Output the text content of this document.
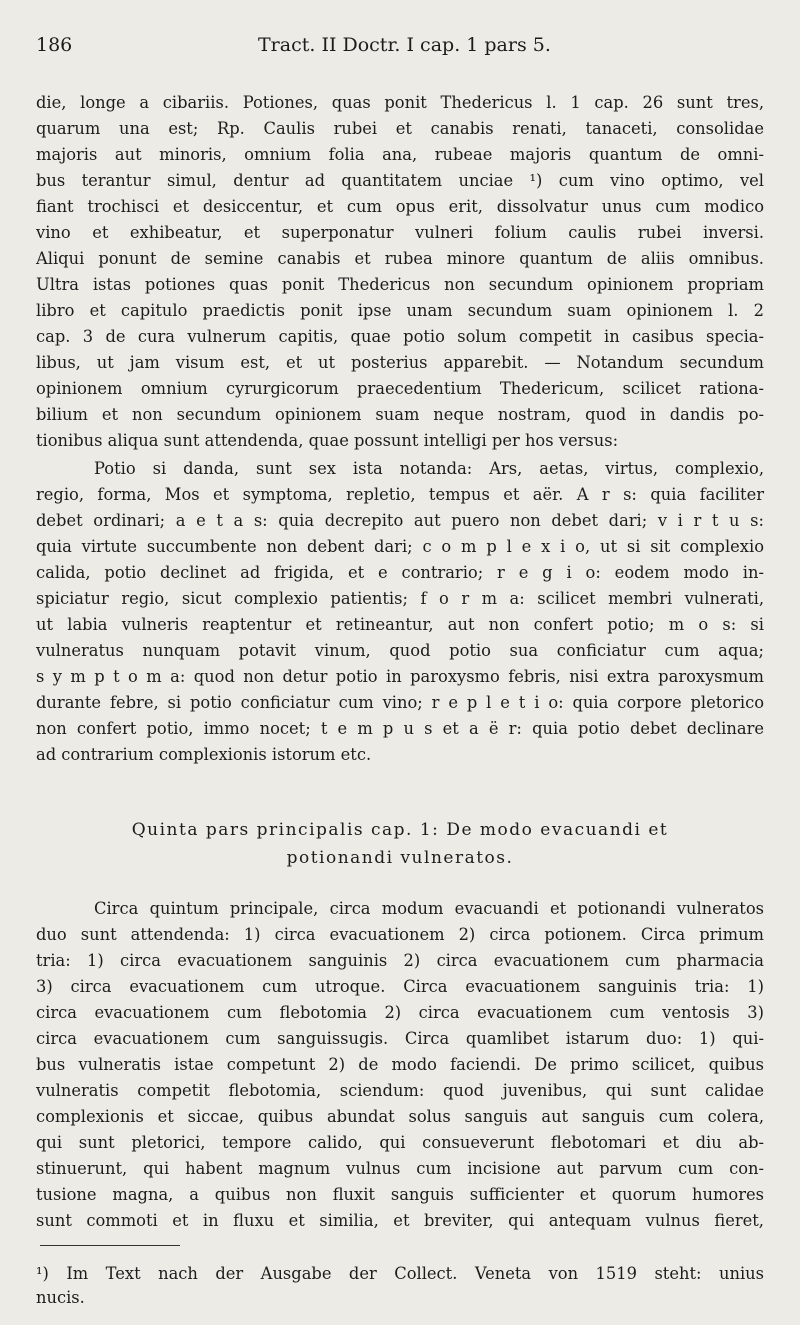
186	Tract. II Doctr. I cap. 1 pars 5.
die, longe a cibariis. Potiones, quas ponit Thedericus l. 1 cap. 26 sunt tres,
quarum una est; Rp. Caulis rubei et canabis renati, tanaceti, consolidae
majoris aut minoris, omnium folia ana, rubeae majoris quantum de omni-
bus terantur simul, dentur ad quantitatem unciae ¹) cum vino optimo, vel
fiant trochisci et desiccentur, et cum opus erit, dissolvatur unus cum modico
vino et exhibeatur, et superponatur vulneri folium caulis rubei inversi.
Aliqui ponunt de semine canabis et rubea minore quantum de aliis omnibus.
Ultra istas potiones quas ponit Thedericus non secundum opinionem propriam
libro et capitulo praedictis ponit ipse unam secundum suam opinionem l. 2
cap. 3 de cura vulnerum capitis, quae potio solum competit in casibus specia-
libus, ut jam visum est, et ut posterius apparebit. — Notandum secundum
opinionem omnium cyrurgicorum praecedentium Thedericum, scilicet rationa-
bilium et non secundum opinionem suam neque nostram, quod in dandis po-
tionibus aliqua sunt attendenda, quae possunt intelligi per hos versus:
Potio si danda, sunt sex ista notanda: Ars, aetas, virtus, complexio,
regio, forma, Mos et symptoma, repletio, tempus et aër. A r s: quia faciliter
debet ordinari; a e t a s: quia decrepito aut puero non debet dari; v i r t u s:
quia virtute succumbente non debent dari; c o m p l e x i o, ut si sit complexio
calida, potio declinet ad frigida, et e contrario; r e g i o: eodem modo in-
spiciatur regio, sicut complexio patientis; f o r m a: scilicet membri vulnerati,
ut labia vulneris reaptentur et retineantur, aut non confert potio; m o s: si
vulneratus nunquam potavit vinum, quod potio sua conficiatur cum aqua;
s y m p t o m a: quod non detur potio in paroxysmo febris, nisi extra paroxysmum
durante febre, si potio conficiatur cum vino; r e p l e t i o: quia corpore pletorico
non confert potio, immo nocet; t e m p u s et a ë r: quia potio debet declinare
ad contrarium complexionis istorum etc.
Quinta pars principalis cap. 1: De modo evacuandi et
potionandi vulneratos.
Circa quintum principale, circa modum evacuandi et potionandi vulneratos
duo sunt attendenda: 1) circa evacuationem 2) circa potionem. Circa primum
tria: 1) circa evacuationem sanguinis 2) circa evacuationem cum pharmacia
3) circa evacuationem cum utroque. Circa evacuationem sanguinis tria: 1)
circa evacuationem cum flebotomia 2) circa evacuationem cum ventosis 3)
circa evacuationem cum sanguissugis. Circa quamlibet istarum duo: 1) qui-
bus vulneratis istae competunt 2) de modo faciendi. De primo scilicet, quibus
vulneratis competit flebotomia, sciendum: quod juvenibus, qui sunt calidae
complexionis et siccae, quibus abundat solus sanguis aut sanguis cum colera,
qui sunt pletorici, tempore calido, qui consueverunt flebotomari et diu ab-
stinuerunt, qui habent magnum vulnus cum incisione aut parvum cum con-
tusione magna, a quibus non fluxit sanguis sufficienter et quorum humores
sunt commoti et in fluxu et similia, et breviter, qui antequam vulnus fieret,
¹) Im Text nach der Ausgabe der Collect. Veneta von 1519 steht: unius
nucis.
